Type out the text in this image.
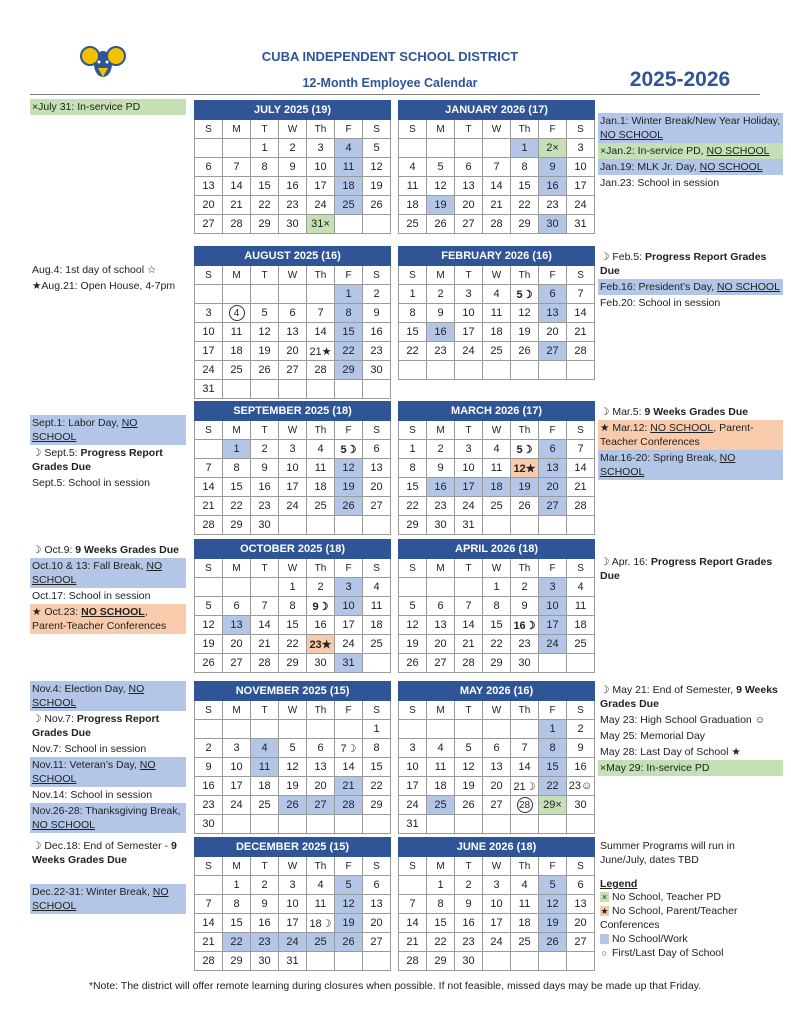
CUBA INDEPENDENT SCHOOL DISTRICT
12-Month Employee Calendar	2025-2026
JULY 2025 (19)						
S	M	T	W	Th	F	S
		1	2	3	4	5
6	7	8	9	10	11	12
13	14	15	16	17	18	19
20	21	22	23	24	25	26
27	28	29	30	31×		
JANUARY 2026 (17)						
S	M	T	W	Th	F	S
				1	2×	3
4	5	6	7	8	9	10
11	12	13	14	15	16	17
18	19	20	21	22	23	24
25	26	27	28	29	30	31
AUGUST 2025 (16)						
S	M	T	W	Th	F	S
					1	2
3	4	5	6	7	8	9
10	11	12	13	14	15	16
17	18	19	20	21★	22	23
24	25	26	27	28	29	30
31						
FEBRUARY 2026 (16)						
S	M	T	W	Th	F	S
1	2	3	4	5☽	6	7
8	9	10	11	12	13	14
15	16	17	18	19	20	21
22	23	24	25	26	27	28

SEPTEMBER 2025 (18)						
S	M	T	W	Th	F	S
	1	2	3	4	5☽	6
7	8	9	10	11	12	13
14	15	16	17	18	19	20
21	22	23	24	25	26	27
28	29	30				
MARCH 2026 (17)						
S	M	T	W	Th	F	S
1	2	3	4	5☽	6	7
8	9	10	11	12★	13	14
15	16	17	18	19	20	21
22	23	24	25	26	27	28
29	30	31				
OCTOBER 2025 (18)						
S	M	T	W	Th	F	S
			1	2	3	4
5	6	7	8	9☽	10	11
12	13	14	15	16	17	18
19	20	21	22	23★	24	25
26	27	28	29	30	31	
APRIL 2026 (18)						
S	M	T	W	Th	F	S
			1	2	3	4
5	6	7	8	9	10	11
12	13	14	15	16☽	17	18
19	20	21	22	23	24	25
26	27	28	29	30		
NOVEMBER 2025 (15)						
S	M	T	W	Th	F	S
						1
2	3	4	5	6	7☽	8
9	10	11	12	13	14	15
16	17	18	19	20	21	22
23	24	25	26	27	28	29
30						
MAY 2026 (16)						
S	M	T	W	Th	F	S
					1	2
3	4	5	6	7	8	9
10	11	12	13	14	15	16
17	18	19	20	21☽	22	23☺
24	25	26	27	28	29×	30
31						
DECEMBER 2025 (15)						
S	M	T	W	Th	F	S
	1	2	3	4	5	6
7	8	9	10	11	12	13
14	15	16	17	18☽	19	20
21	22	23	24	25	26	27
28	29	30	31			
JUNE 2026 (18)						
S	M	T	W	Th	F	S
	1	2	3	4	5	6
7	8	9	10	11	12	13
14	15	16	17	18	19	20
21	22	23	24	25	26	27
28	29	30				
×July 31: In-service PD
Jan.1: Winter Break/New Year Holiday, NO SCHOOL
×Jan.2: In-service PD, NO SCHOOL
Jan.19: MLK Jr. Day, NO SCHOOL
Jan.23: School in session
Aug.4: 1st day of school ☆
★Aug.21: Open House, 4-7pm
☽ Feb.5: Progress Report Grades Due
Feb.16: President’s Day, NO SCHOOL
Feb.20: School in session
Sept.1: Labor Day, NO SCHOOL
☽ Sept.5: Progress Report Grades Due
Sept.5: School in session
☽ Mar.5: 9 Weeks Grades Due
★ Mar.12: NO SCHOOL, Parent-Teacher Conferences
Mar.16-20: Spring Break, NO SCHOOL
☽ Oct.9: 9 Weeks Grades Due
Oct.10 & 13: Fall Break, NO SCHOOL
Oct.17: School in session
★ Oct.23: NO SCHOOL, Parent-Teacher Conferences
☽ Apr. 16: Progress Report Grades Due
Nov.4: Election Day, NO SCHOOL
☽ Nov.7: Progress Report Grades Due
Nov.7: School in session
Nov.11: Veteran’s Day, NO SCHOOL
Nov.14: School in session
Nov.26-28: Thanksgiving Break, NO SCHOOL
☽ May 21: End of Semester, 9 Weeks Grades Due
May 23: High School Graduation ☺
May 25: Memorial Day
May 28: Last Day of School ★
×May 29: In-service PD
☽ Dec.18: End of Semester - 9 Weeks Grades Due

Dec.22-31: Winter Break, NO SCHOOL
Summer Programs will run in June/July, dates TBD
Legend
× No School, Teacher PD
★ No School, Parent/Teacher Conferences
No School/Work
○ First/Last Day of School
*Note: The district will offer remote learning during closures when possible. If not feasible, missed days may be made up that Friday.
